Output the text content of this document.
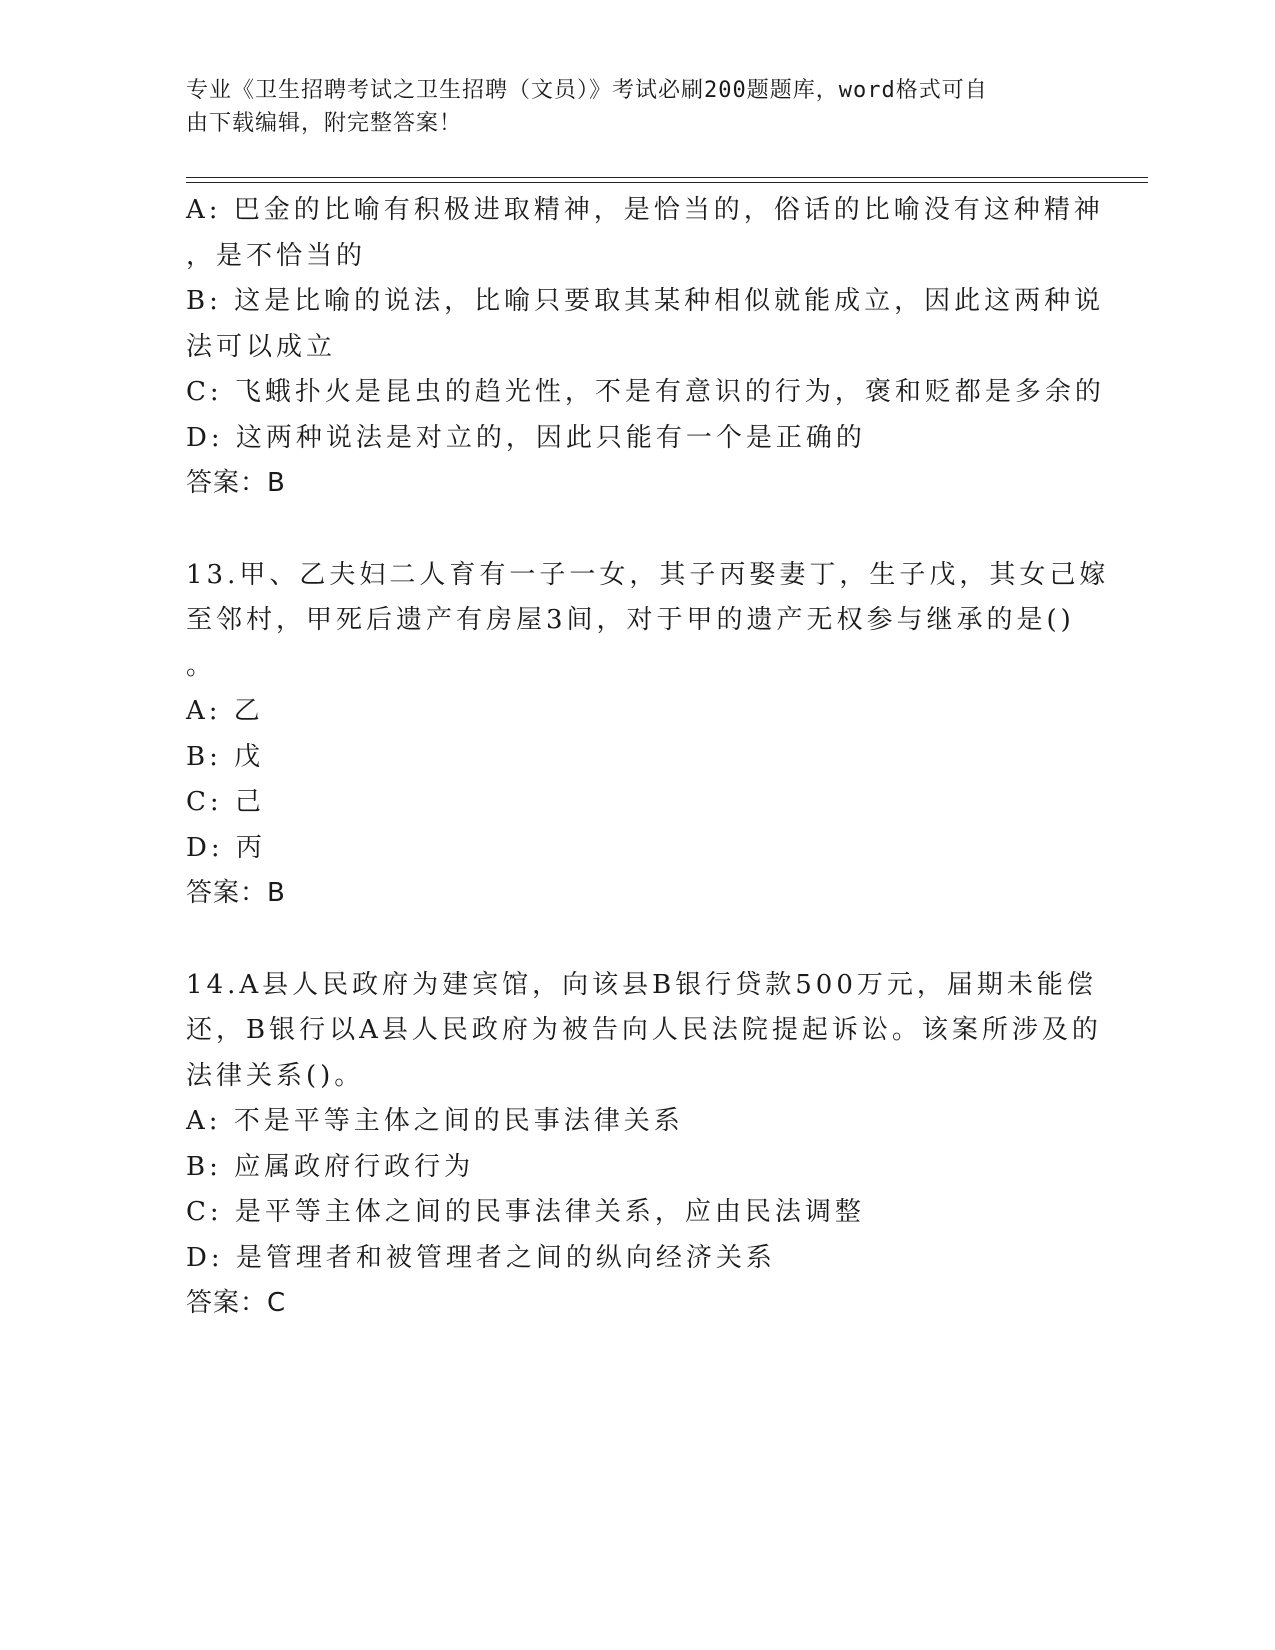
专业《卫生招聘考试之卫生招聘（文员）》考试必刷200题题库，word格式可自
由下载编辑，附完整答案！
A: 巴金的比喻有积极进取精神，是恰当的，俗话的比喻没有这种精神
，是不恰当的
B: 这是比喻的说法，比喻只要取其某种相似就能成立，因此这两种说
法可以成立
C: 飞蛾扑火是昆虫的趋光性，不是有意识的行为，褒和贬都是多余的
D: 这两种说法是对立的，因此只能有一个是正确的
答案：B
13.甲、乙夫妇二人育有一子一女，其子丙娶妻丁，生子戊，其女己嫁
至邻村，甲死后遗产有房屋3间，对于甲的遗产无权参与继承的是()
。
A: 乙
B: 戊
C: 己
D: 丙
答案：B
14.A县人民政府为建宾馆，向该县B银行贷款500万元，届期未能偿
还，B银行以A县人民政府为被告向人民法院提起诉讼。该案所涉及的
法律关系()。
A: 不是平等主体之间的民事法律关系
B: 应属政府行政行为
C: 是平等主体之间的民事法律关系，应由民法调整
D: 是管理者和被管理者之间的纵向经济关系
答案：C
